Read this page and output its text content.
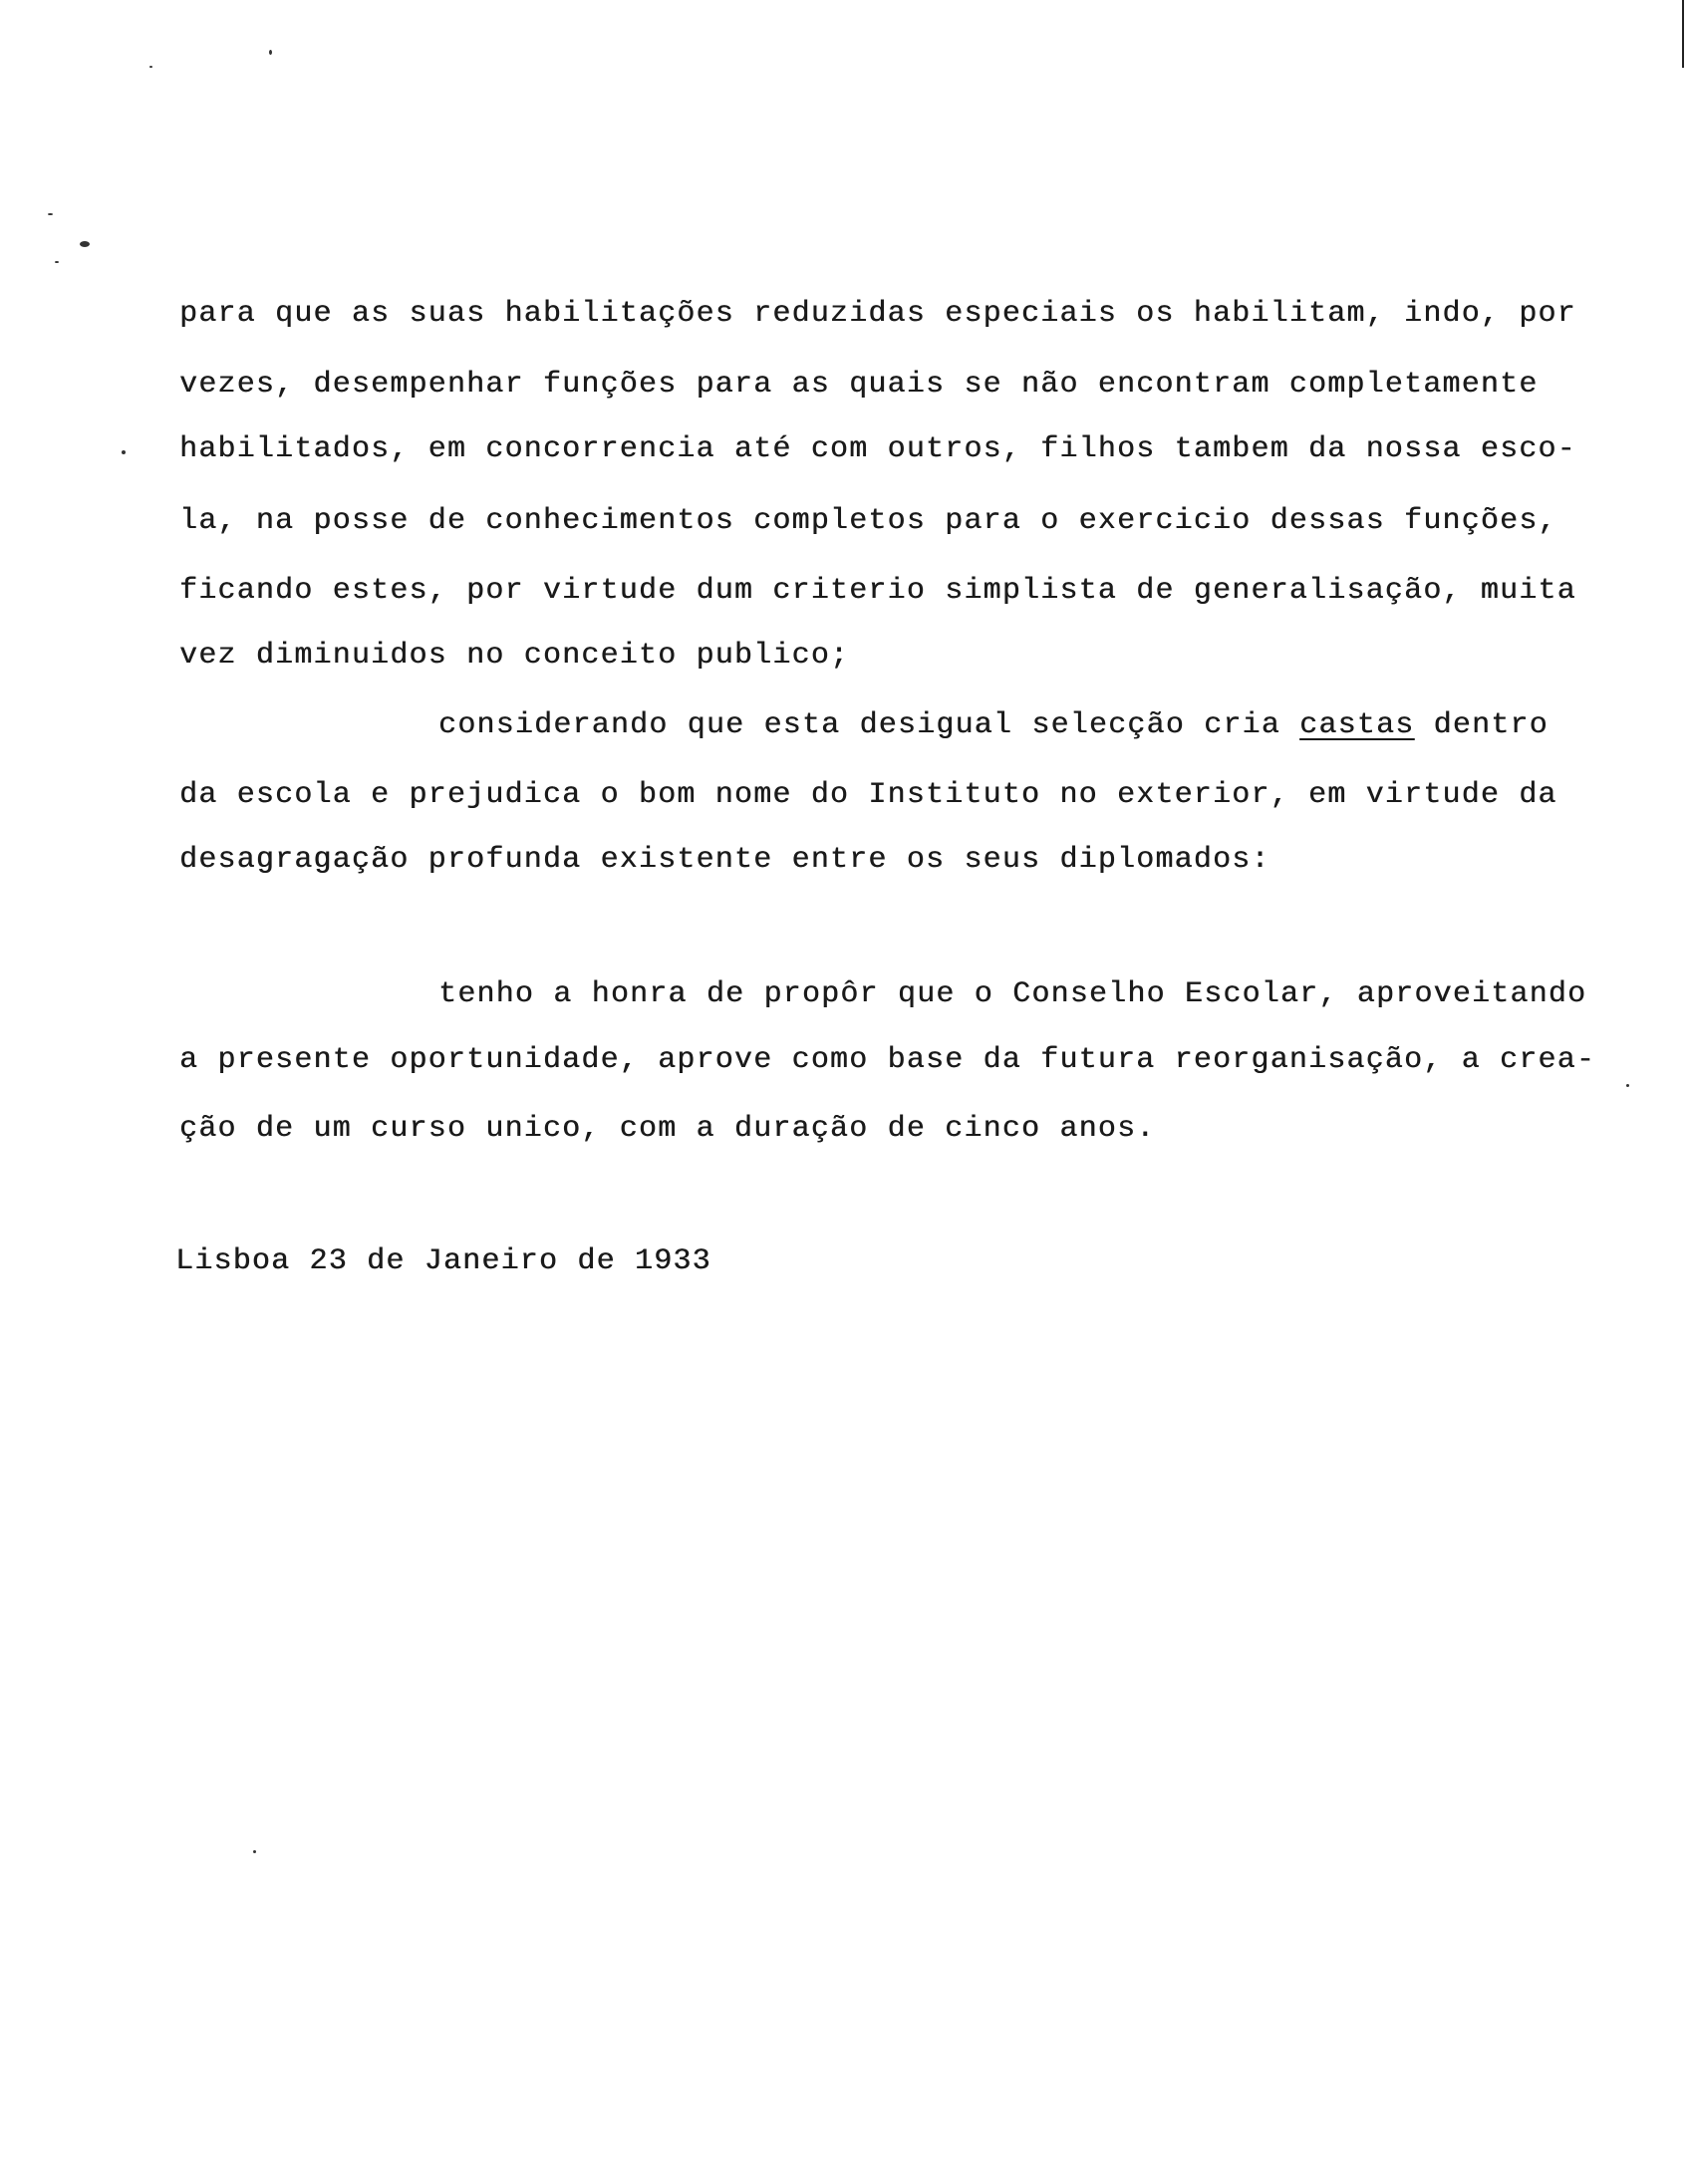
para que as suas habilitações reduzidas especiais os habilitam, indo, por
vezes, desempenhar funções para as quais se não encontram completamente
habilitados, em concorrencia até com outros, filhos tambem da nossa esco-
la, na posse de conhecimentos completos para o exercicio dessas funções,
ficando estes, por virtude dum criterio simplista de generalisação, muita
vez diminuidos no conceito publico;
considerando que esta desigual selecção cria castas dentro
da escola e prejudica o bom nome do Instituto no exterior, em virtude da
desagragação profunda existente entre os seus diplomados:
tenho a honra de propôr que o Conselho Escolar, aproveitando
a presente oportunidade, aprove como base da futura reorganisação, a crea-
ção de um curso unico, com a duração de cinco anos.
Lisboa 23 de Janeiro de 1933
